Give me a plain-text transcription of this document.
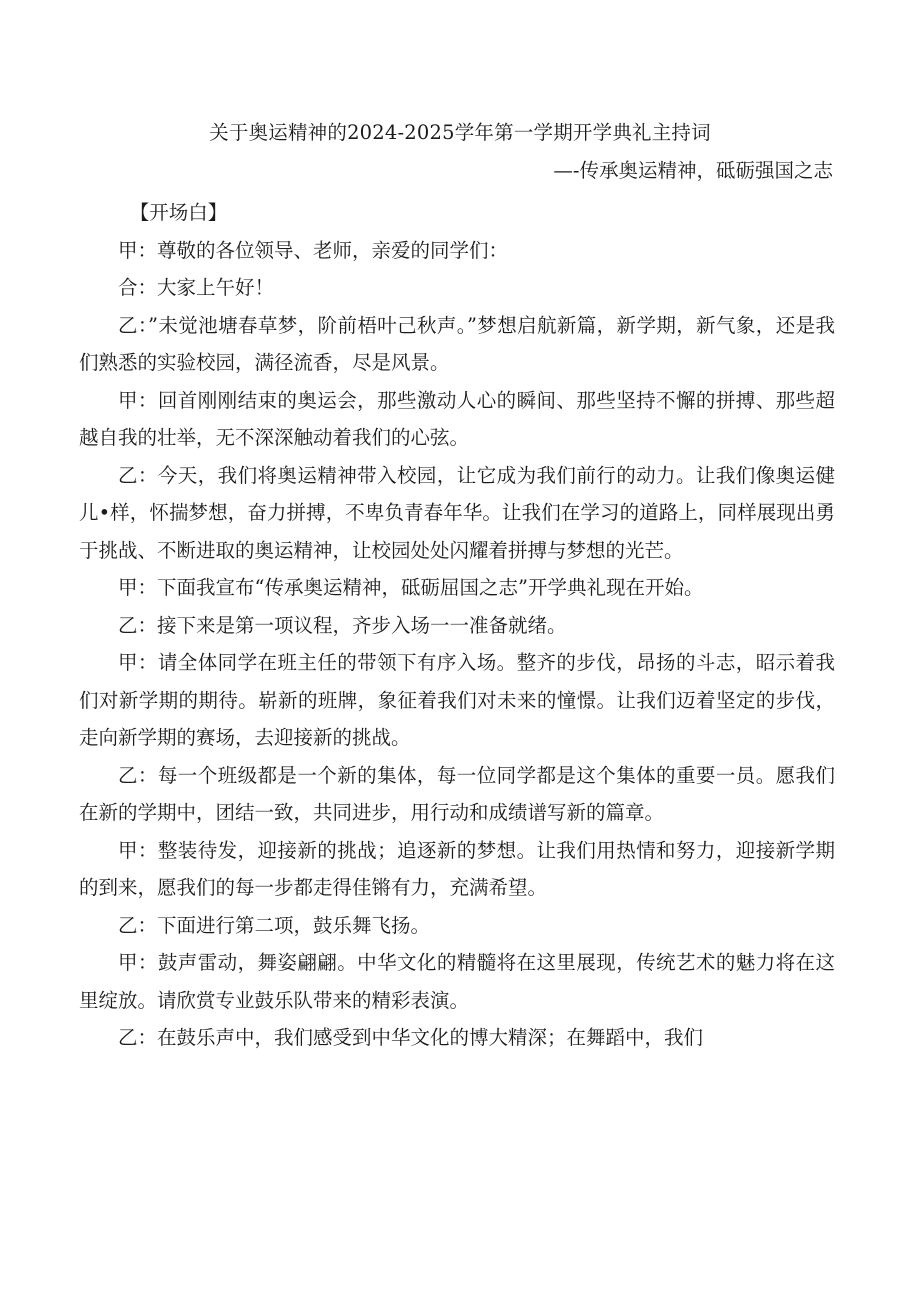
关于奥运精神的2024-2025学年第一学期开学典礼主持词
—-传承奥运精神，砥砺强国之志

【开场白】

甲：尊敬的各位领导、老师，亲爱的同学们：

合：大家上午好！

乙：”未觉池塘春草梦，阶前梧叶己秋声。”梦想启航新篇，新学期，新气象，还是我们熟悉的实验校园，满径流香，尽是风景。

甲：回首刚刚结束的奥运会，那些激动人心的瞬间、那些坚持不懈的拼搏、那些超越自我的壮举，无不深深触动着我们的心弦。

乙：今天，我们将奥运精神带入校园，让它成为我们前行的动力。让我们像奥运健儿•样，怀揣梦想，奋力拼搏，不卑负青春年华。让我们在学习的道路上，同样展现出勇于挑战、不断进取的奥运精神，让校园处处闪耀着拼搏与梦想的光芒。

甲：下面我宣布“传承奥运精神，砥砺屈国之志”开学典礼现在开始。

乙：接下来是第一项议程，齐步入场一一准备就绪。

甲：请全体同学在班主任的带领下有序入场。整齐的步伐，昂扬的斗志，昭示着我们对新学期的期待。崭新的班牌，象征着我们对未来的憧憬。让我们迈着坚定的步伐，走向新学期的赛场，去迎接新的挑战。

乙：每一个班级都是一个新的集体，每一位同学都是这个集体的重要一员。愿我们在新的学期中，团结一致，共同进步，用行动和成绩谱写新的篇章。

甲：整装待发，迎接新的挑战；追逐新的梦想。让我们用热情和努力，迎接新学期的到来，愿我们的每一步都走得佳锵有力，充满希望。

乙：下面进行第二项，鼓乐舞飞扬。

甲：鼓声雷动，舞姿翩翩。中华文化的精髓将在这里展现，传统艺术的魅力将在这里绽放。请欣赏专业鼓乐队带来的精彩表演。

乙：在鼓乐声中，我们感受到中华文化的博大精深；在舞蹈中，我们
